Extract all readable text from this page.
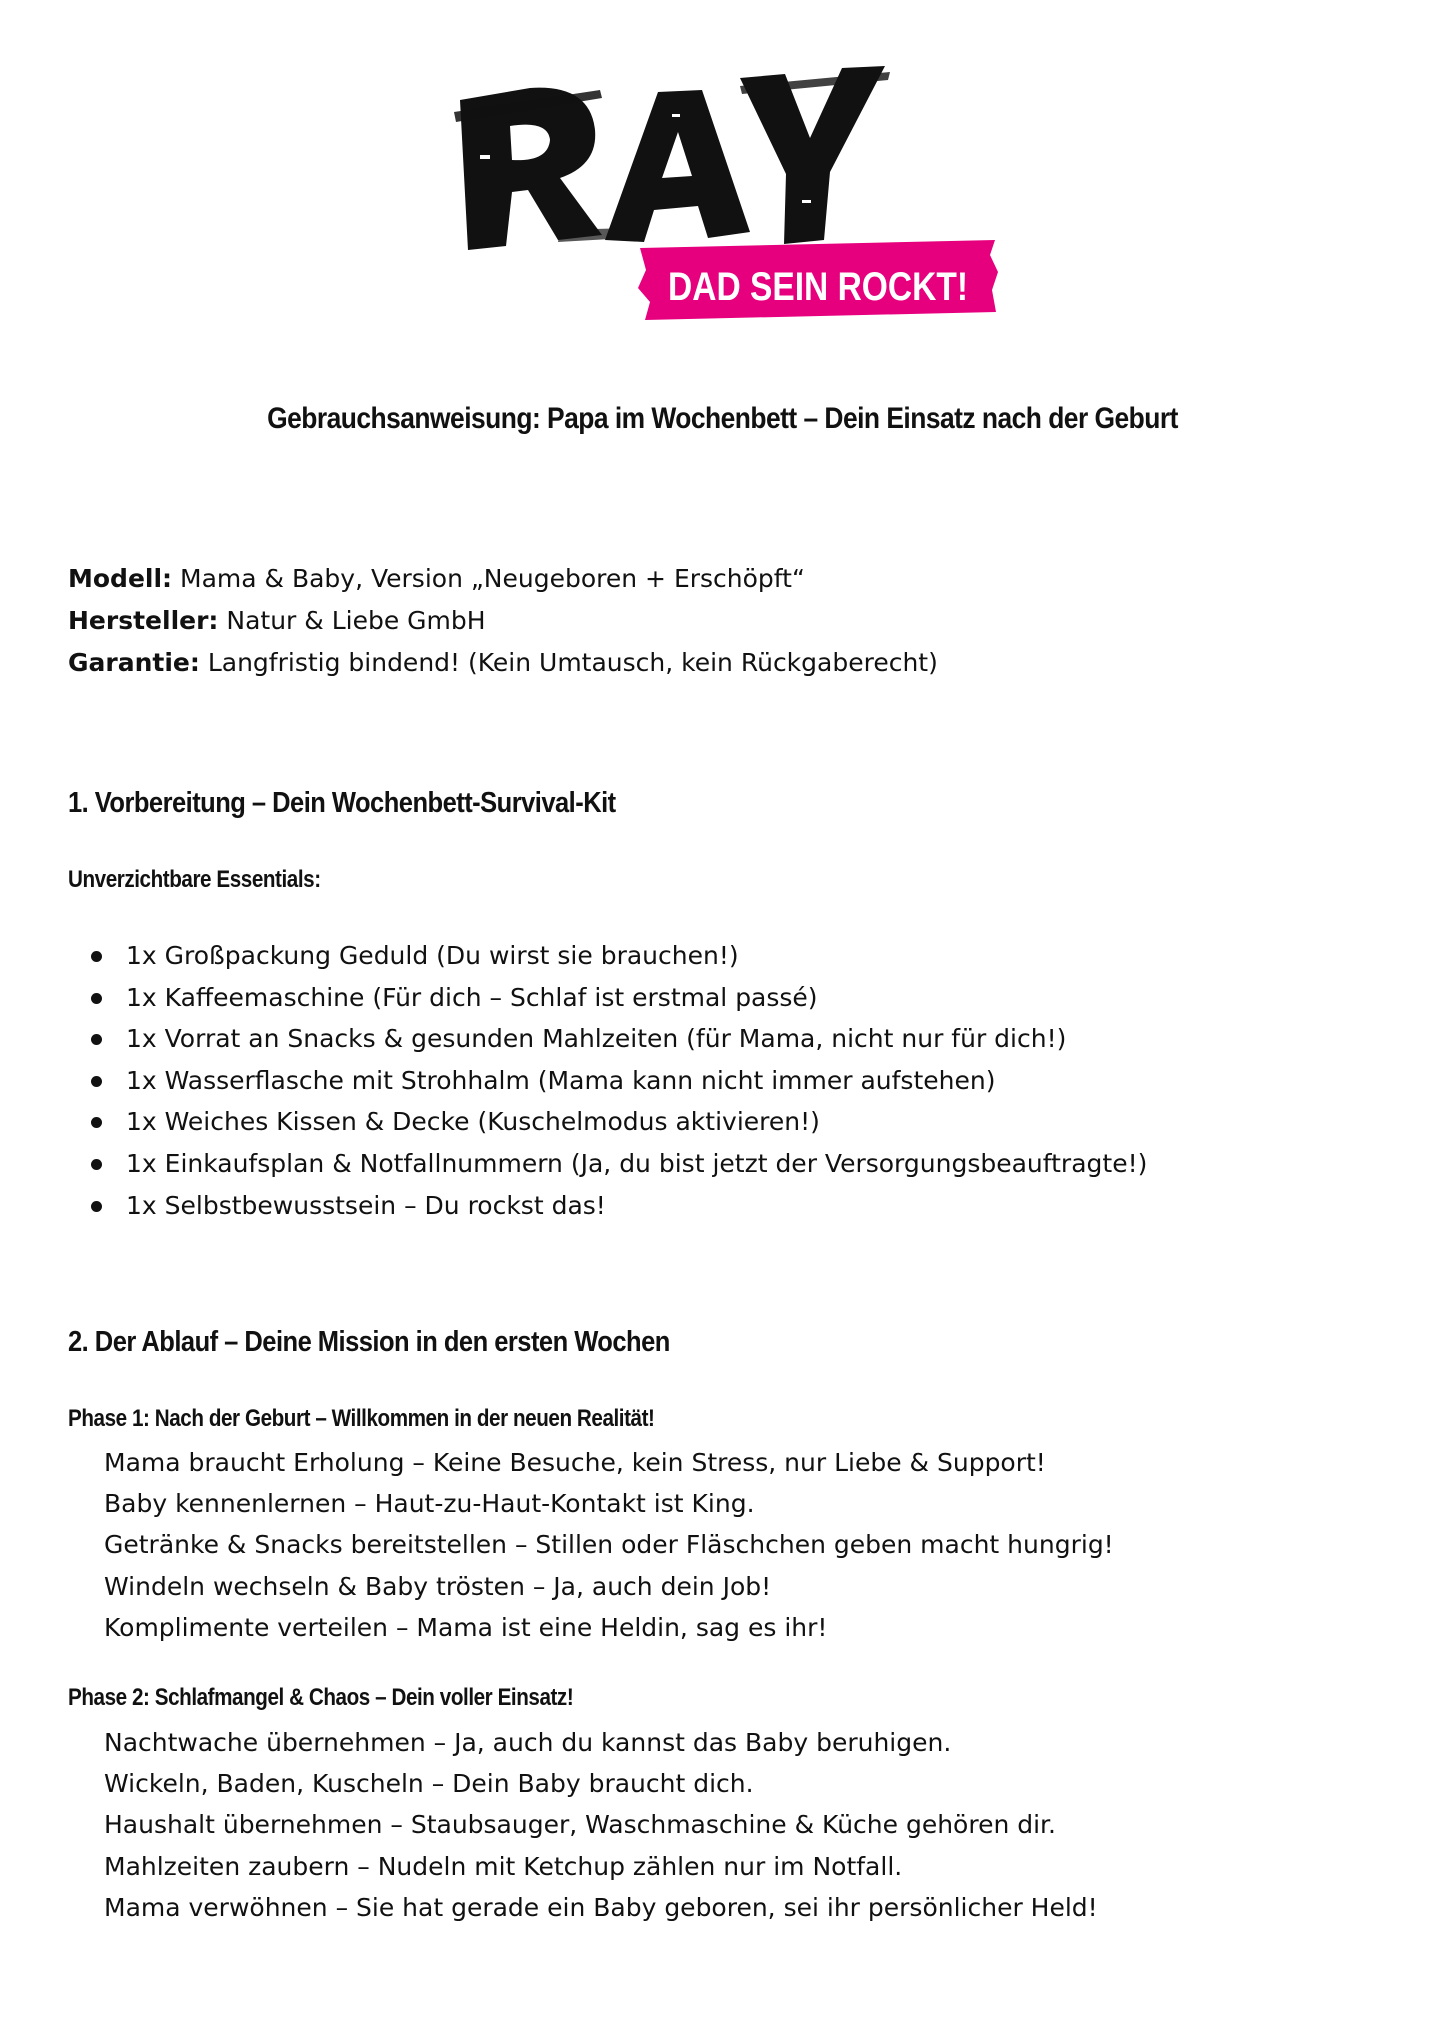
DAD SEIN ROCKT!
Gebrauchsanweisung: Papa im Wochenbett – Dein Einsatz nach der Geburt
Modell: Mama & Baby, Version „Neugeboren + Erschöpft“
Hersteller: Natur & Liebe GmbH
Garantie: Langfristig bindend! (Kein Umtausch, kein Rückgaberecht)
1. Vorbereitung – Dein Wochenbett-Survival-Kit
Unverzichtbare Essentials:
1x Großpackung Geduld (Du wirst sie brauchen!)
1x Kaffeemaschine (Für dich – Schlaf ist erstmal passé)
1x Vorrat an Snacks & gesunden Mahlzeiten (für Mama, nicht nur für dich!)
1x Wasserflasche mit Strohhalm (Mama kann nicht immer aufstehen)
1x Weiches Kissen & Decke (Kuschelmodus aktivieren!)
1x Einkaufsplan & Notfallnummern (Ja, du bist jetzt der Versorgungsbeauftragte!)
1x Selbstbewusstsein – Du rockst das!
2. Der Ablauf – Deine Mission in den ersten Wochen
Phase 1: Nach der Geburt – Willkommen in der neuen Realität!
Mama braucht Erholung – Keine Besuche, kein Stress, nur Liebe & Support!
Baby kennenlernen – Haut-zu-Haut-Kontakt ist King.
Getränke & Snacks bereitstellen – Stillen oder Fläschchen geben macht hungrig!
Windeln wechseln & Baby trösten – Ja, auch dein Job!
Komplimente verteilen – Mama ist eine Heldin, sag es ihr!
Phase 2: Schlafmangel & Chaos – Dein voller Einsatz!
Nachtwache übernehmen – Ja, auch du kannst das Baby beruhigen.
Wickeln, Baden, Kuscheln – Dein Baby braucht dich.
Haushalt übernehmen – Staubsauger, Waschmaschine & Küche gehören dir.
Mahlzeiten zaubern – Nudeln mit Ketchup zählen nur im Notfall.
Mama verwöhnen – Sie hat gerade ein Baby geboren, sei ihr persönlicher Held!
